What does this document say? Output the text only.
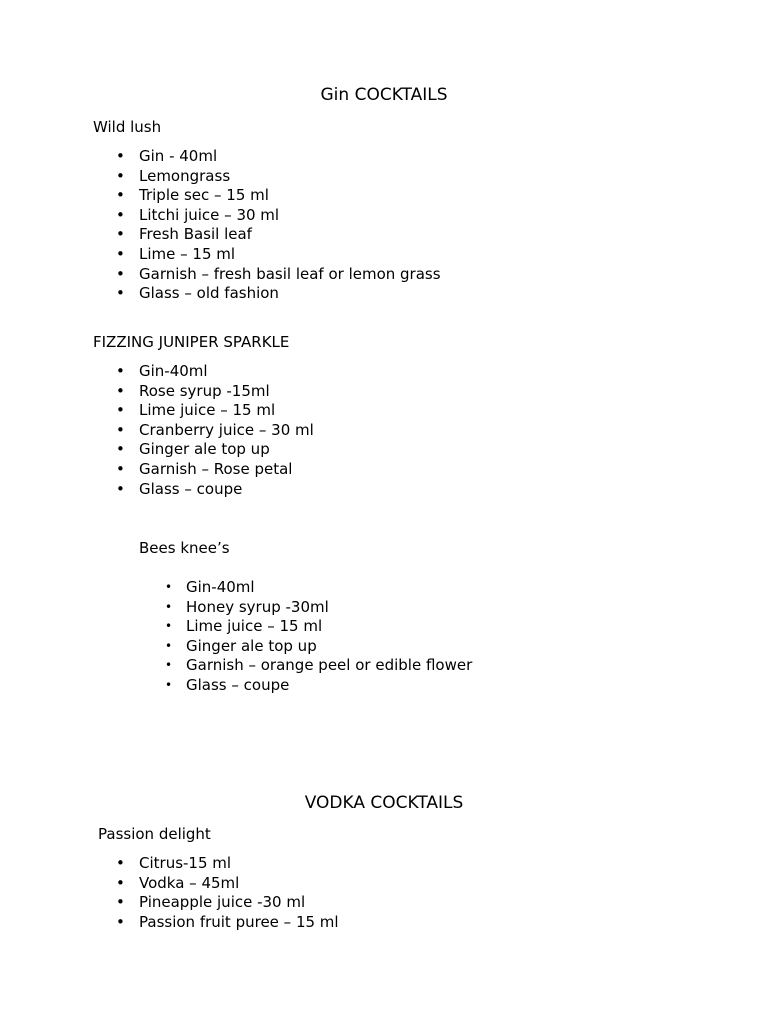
Gin COCKTAILS
Wild lush
• Gin - 40ml
• Lemongrass
• Triple sec – 15 ml
• Litchi juice – 30 ml
• Fresh Basil leaf
• Lime – 15 ml
• Garnish – fresh basil leaf or lemon grass
• Glass – old fashion
FIZZING JUNIPER SPARKLE
• Gin-40ml
• Rose syrup -15ml
• Lime juice – 15 ml
• Cranberry juice – 30 ml
• Ginger ale top up
• Garnish – Rose petal
• Glass – coupe
Bees knee’s
• Gin-40ml
• Honey syrup -30ml
• Lime juice – 15 ml
• Ginger ale top up
• Garnish – orange peel or edible flower
• Glass – coupe
VODKA COCKTAILS
Passion delight
• Citrus-15 ml
• Vodka – 45ml
• Pineapple juice -30 ml
• Passion fruit puree – 15 ml
